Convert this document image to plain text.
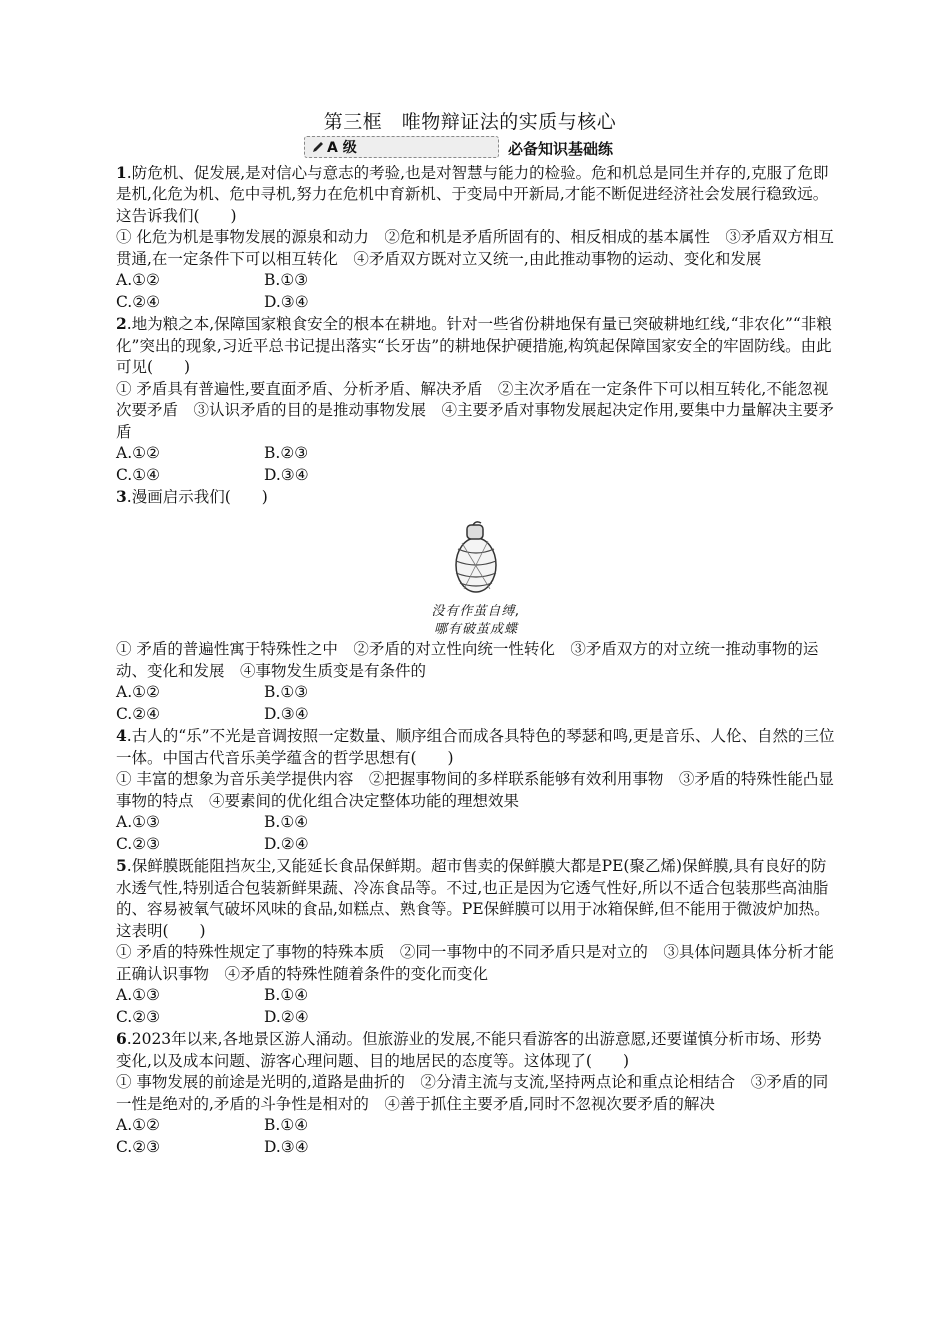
第三框　唯物辩证法的实质与核心
A 级	必备知识基础练
1.防危机、促发展,是对信心与意志的考验,也是对智慧与能力的检验。危和机总是同生并存的,克服了危即是机,化危为机、危中寻机,努力在危机中育新机、于变局中开新局,才能不断促进经济社会发展行稳致远。这告诉我们(　　)
① 化危为机是事物发展的源泉和动力　②危和机是矛盾所固有的、相反相成的基本属性　③矛盾双方相互贯通,在一定条件下可以相互转化　④矛盾双方既对立又统一,由此推动事物的运动、变化和发展
A.①②	B.①③
C.②④	D.③④
2.地为粮之本,保障国家粮食安全的根本在耕地。针对一些省份耕地保有量已突破耕地红线,“非农化”“非粮化”突出的现象,习近平总书记提出落实“长牙齿”的耕地保护硬措施,构筑起保障国家安全的牢固防线。由此可见(　　)
① 矛盾具有普遍性,要直面矛盾、分析矛盾、解决矛盾　②主次矛盾在一定条件下可以相互转化,不能忽视次要矛盾　③认识矛盾的目的是推动事物发展　④主要矛盾对事物发展起决定作用,要集中力量解决主要矛盾
A.①②	B.②③
C.①④	D.③④
3.漫画启示我们(　　)
没有作茧自缚,
哪有破茧成蝶
① 矛盾的普遍性寓于特殊性之中　②矛盾的对立性向统一性转化　③矛盾双方的对立统一推动事物的运动、变化和发展　④事物发生质变是有条件的
A.①②	B.①③
C.②④	D.③④
4.古人的“乐”不光是音调按照一定数量、顺序组合而成各具特色的琴瑟和鸣,更是音乐、人伦、自然的三位一体。中国古代音乐美学蕴含的哲学思想有(　　)
① 丰富的想象为音乐美学提供内容　②把握事物间的多样联系能够有效利用事物　③矛盾的特殊性能凸显事物的特点　④要素间的优化组合决定整体功能的理想效果
A.①③	B.①④
C.②③	D.②④
5.保鲜膜既能阻挡灰尘,又能延长食品保鲜期。超市售卖的保鲜膜大都是PE(聚乙烯)保鲜膜,具有良好的防水透气性,特别适合包装新鲜果蔬、冷冻食品等。不过,也正是因为它透气性好,所以不适合包装那些高油脂的、容易被氧气破坏风味的食品,如糕点、熟食等。PE保鲜膜可以用于冰箱保鲜,但不能用于微波炉加热。这表明(　　)
① 矛盾的特殊性规定了事物的特殊本质　②同一事物中的不同矛盾只是对立的　③具体问题具体分析才能正确认识事物　④矛盾的特殊性随着条件的变化而变化
A.①③	B.①④
C.②③	D.②④
6.2023年以来,各地景区游人涌动。但旅游业的发展,不能只看游客的出游意愿,还要谨慎分析市场、形势变化,以及成本问题、游客心理问题、目的地居民的态度等。这体现了(　　)
① 事物发展的前途是光明的,道路是曲折的　②分清主流与支流,坚持两点论和重点论相结合　③矛盾的同一性是绝对的,矛盾的斗争性是相对的　④善于抓住主要矛盾,同时不忽视次要矛盾的解决
A.①②	B.①④
C.②③	D.③④
